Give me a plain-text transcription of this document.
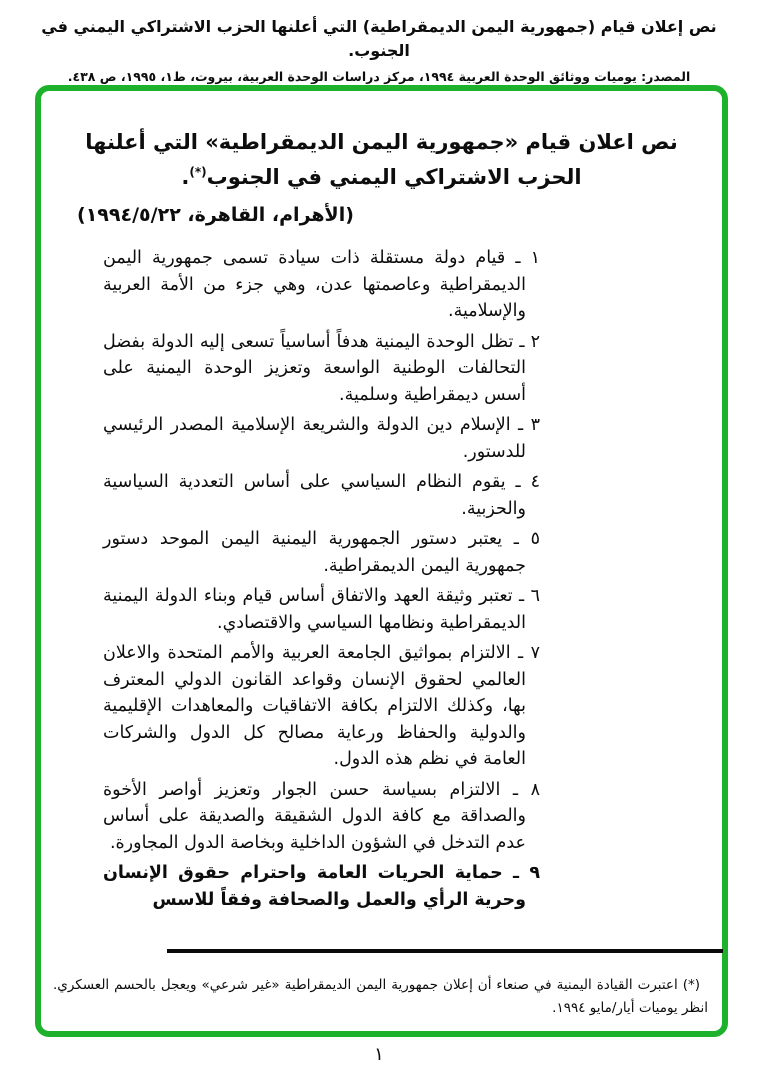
نص إعلان قيام (جمهورية اليمن الديمقراطية) التي أعلنها الحزب الاشتراكي اليمني في الجنوب.
المصدر: يوميات ووثائق الوحدة العربية ١٩٩٤، مركز دراسات الوحدة العربية، بيروت، ط١، ١٩٩٥، ص ٤٣٨.
نص اعلان قيام «جمهورية اليمن الديمقراطية» التي أعلنها الحزب الاشتراكي اليمني في الجنوب(*).
(الأهرام، القاهرة، ٢٢‏/‏٥‏/‏١٩٩٤)

١ ـ قيام دولة مستقلة ذات سيادة تسمى جمهورية اليمن الديمقراطية وعاصمتها عدن، وهي جزء من الأمة العربية والإسلامية.

٢ ـ تظل الوحدة اليمنية هدفاً أساسياً تسعى إليه الدولة بفضل التحالفات الوطنية الواسعة وتعزيز الوحدة اليمنية على أسس ديمقراطية وسلمية.

٣ ـ الإسلام دين الدولة والشريعة الإسلامية المصدر الرئيسي للدستور.

٤ ـ يقوم النظام السياسي على أساس التعددية السياسية والحزبية.

٥ ـ يعتبر دستور الجمهورية اليمنية اليمن الموحد دستور جمهورية اليمن الديمقراطية.

٦ ـ تعتبر وثيقة العهد والاتفاق أساس قيام وبناء الدولة اليمنية الديمقراطية ونظامها السياسي والاقتصادي.

٧ ـ الالتزام بمواثيق الجامعة العربية والأمم المتحدة والاعلان العالمي لحقوق الإنسان وقواعد القانون الدولي المعترف بها، وكذلك الالتزام بكافة الاتفاقيات والمعاهدات الإقليمية والدولية والحفاظ ورعاية مصالح كل الدول والشركات العامة في نظم هذه الدول.

٨ ـ الالتزام بسياسة حسن الجوار وتعزيز أواصر الأخوة والصداقة مع كافة الدول الشقيقة والصديقة على أساس عدم التدخل في الشؤون الداخلية وبخاصة الدول المجاورة.

٩ ـ حماية الحريات العامة واحترام حقوق الإنسان وحرية الرأي والعمل والصحافة وفقاً للاسس

(*) اعتبرت القيادة اليمنية في صنعاء أن إعلان جمهورية اليمن الديمقراطية «غير شرعي» ويعجل بالحسم العسكري. انظر يوميات أيار/مايو ١٩٩٤.
١
